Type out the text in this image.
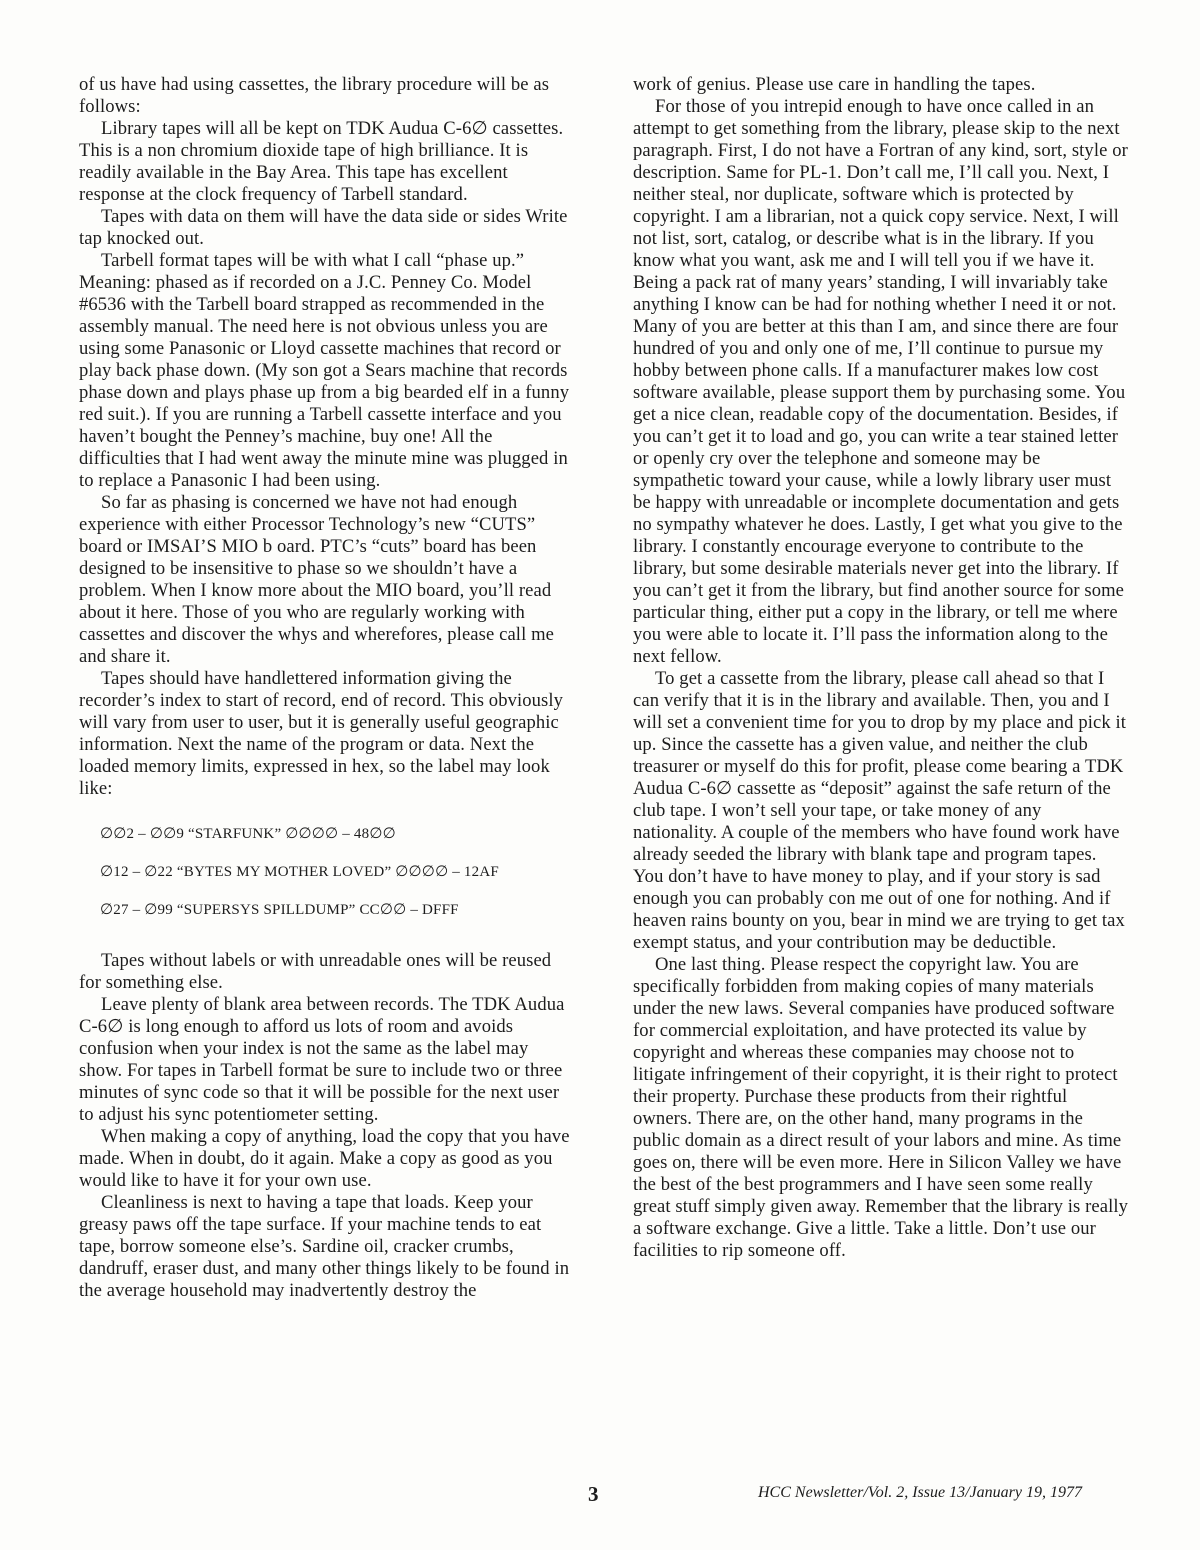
of us have had using cassettes, the library procedure will be as follows:

Library tapes will all be kept on TDK Audua C-6∅ cassettes. This is a non chromium dioxide tape of high brilliance. It is readily available in the Bay Area. This tape has excellent response at the clock frequency of Tarbell standard.

Tapes with data on them will have the data side or sides Write tap knocked out.

Tarbell format tapes will be with what I call “phase up.” Meaning: phased as if recorded on a J.C. Penney Co. Model #6536 with the Tarbell board strapped as recommended in the assembly manual. The need here is not obvious unless you are using some Panasonic or Lloyd cassette machines that record or play back phase down. (My son got a Sears machine that records phase down and plays phase up from a big bearded elf in a funny red suit.). If you are running a Tarbell cassette interface and you haven’t bought the Penney’s machine, buy one! All the difficulties that I had went away the minute mine was plugged in to replace a Panasonic I had been using.

So far as phasing is concerned we have not had enough experience with either Processor Technology’s new “CUTS” board or IMSAI’S MIO b oard. PTC’s “cuts” board has been designed to be insensitive to phase so we shouldn’t have a problem. When I know more about the MIO board, you’ll read about it here. Those of you who are regularly working with cassettes and discover the whys and wherefores, please call me and share it.

Tapes should have handlettered information giving the recorder’s index to start of record, end of record. This obviously will vary from user to user, but it is generally useful geographic information. Next the name of the program or data. Next the loaded memory limits, expressed in hex, so the label may look like:

∅∅2 – ∅∅9 “STARFUNK” ∅∅∅∅ – 48∅∅
∅12 – ∅22 “BYTES MY MOTHER LOVED” ∅∅∅∅ – 12AF
∅27 – ∅99 “SUPERSYS SPILLDUMP” CC∅∅ – DFFF

Tapes without labels or with unreadable ones will be reused for something else.

Leave plenty of blank area between records. The TDK Audua C-6∅ is long enough to afford us lots of room and avoids confusion when your index is not the same as the label may show. For tapes in Tarbell format be sure to include two or three minutes of sync code so that it will be possible for the next user to adjust his sync potentiometer setting.

When making a copy of anything, load the copy that you have made. When in doubt, do it again. Make a copy as good as you would like to have it for your own use.

Cleanliness is next to having a tape that loads. Keep your greasy paws off the tape surface. If your machine tends to eat tape, borrow someone else’s. Sardine oil, cracker crumbs, dandruff, eraser dust, and many other things likely to be found in the average household may inadvertently destroy the

work of genius. Please use care in handling the tapes.

For those of you intrepid enough to have once called in an attempt to get something from the library, please skip to the next paragraph. First, I do not have a Fortran of any kind, sort, style or description. Same for PL-1. Don’t call me, I’ll call you. Next, I neither steal, nor duplicate, software which is protected by copyright. I am a librarian, not a quick copy service. Next, I will not list, sort, catalog, or describe what is in the library. If you know what you want, ask me and I will tell you if we have it. Being a pack rat of many years’ standing, I will invariably take anything I know can be had for nothing whether I need it or not. Many of you are better at this than I am, and since there are four hundred of you and only one of me, I’ll continue to pursue my hobby between phone calls. If a manufacturer makes low cost software available, please support them by purchasing some. You get a nice clean, readable copy of the documentation. Besides, if you can’t get it to load and go, you can write a tear stained letter or openly cry over the telephone and someone may be sympathetic toward your cause, while a lowly library user must be happy with unreadable or incomplete documentation and gets no sympathy whatever he does. Lastly, I get what you give to the library. I constantly encourage everyone to contribute to the library, but some desirable materials never get into the library. If you can’t get it from the library, but find another source for some particular thing, either put a copy in the library, or tell me where you were able to locate it. I’ll pass the information along to the next fellow.

To get a cassette from the library, please call ahead so that I can verify that it is in the library and available. Then, you and I will set a convenient time for you to drop by my place and pick it up. Since the cassette has a given value, and neither the club treasurer or myself do this for profit, please come bearing a TDK Audua C-6∅ cassette as “deposit” against the safe return of the club tape. I won’t sell your tape, or take money of any nationality. A couple of the members who have found work have already seeded the library with blank tape and program tapes. You don’t have to have money to play, and if your story is sad enough you can probably con me out of one for nothing. And if heaven rains bounty on you, bear in mind we are trying to get tax exempt status, and your contribution may be deductible.

One last thing. Please respect the copyright law. You are specifically forbidden from making copies of many materials under the new laws. Several companies have produced software for commercial exploitation, and have protected its value by copyright and whereas these companies may choose not to litigate infringement of their copyright, it is their right to protect their property. Purchase these products from their rightful owners. There are, on the other hand, many programs in the public domain as a direct result of your labors and mine. As time goes on, there will be even more. Here in Silicon Valley we have the best of the best programmers and I have seen some really great stuff simply given away. Remember that the library is really a software exchange. Give a little. Take a little. Don’t use our facilities to rip someone off.

3	HCC Newsletter/Vol. 2, Issue 13/January 19, 1977
